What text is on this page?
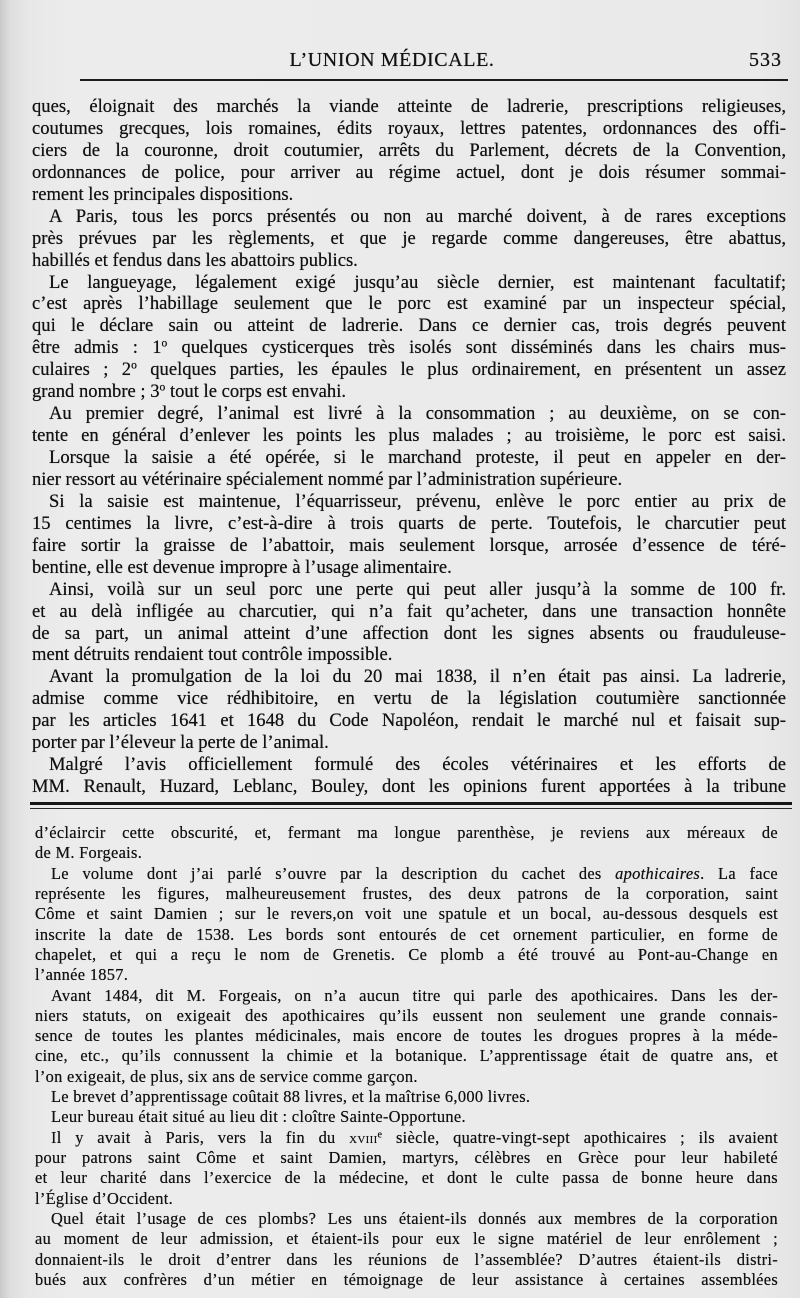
L’UNION MÉDICALE.	533
ques, éloignait des marchés la viande atteinte de ladrerie, prescriptions religieuses,
coutumes grecques, lois romaines, édits royaux, lettres patentes, ordonnances des offi-
ciers de la couronne, droit coutumier, arrêts du Parlement, décrets de la Convention,
ordonnances de police, pour arriver au régime actuel, dont je dois résumer sommai-
rement les principales dispositions.
A Paris, tous les porcs présentés ou non au marché doivent, à de rares exceptions
près prévues par les règlements, et que je regarde comme dangereuses, être abattus,
habillés et fendus dans les abattoirs publics.
Le langueyage, légalement exigé jusqu’au siècle dernier, est maintenant facultatif;
c’est après l’habillage seulement que le porc est examiné par un inspecteur spécial,
qui le déclare sain ou atteint de ladrerie. Dans ce dernier cas, trois degrés peuvent
être admis : 1$^o$ quelques cysticerques très isolés sont disséminés dans les chairs mus-
culaires ; 2$^o$ quelques parties, les épaules le plus ordinairement, en présentent un assez
grand nombre ; 3$^o$ tout le corps est envahi.
Au premier degré, l’animal est livré à la consommation ; au deuxième, on se con-
tente en général d’enlever les points les plus malades ; au troisième, le porc est saisi.
Lorsque la saisie a été opérée, si le marchand proteste, il peut en appeler en der-
nier ressort au vétérinaire spécialement nommé par l’administration supérieure.
Si la saisie est maintenue, l’équarrisseur, prévenu, enlève le porc entier au prix de
15 centimes la livre, c’est-à-dire à trois quarts de perte. Toutefois, le charcutier peut
faire sortir la graisse de l’abattoir, mais seulement lorsque, arrosée d’essence de téré-
bentine, elle est devenue impropre à l’usage alimentaire.
Ainsi, voilà sur un seul porc une perte qui peut aller jusqu’à la somme de 100 fr.
et au delà infligée au charcutier, qui n’a fait qu’acheter, dans une transaction honnête
de sa part, un animal atteint d’une affection dont les signes absents ou frauduleuse-
ment détruits rendaient tout contrôle impossible.
Avant la promulgation de la loi du 20 mai 1838, il n’en était pas ainsi. La ladrerie,
admise comme vice rédhibitoire, en vertu de la législation coutumière sanctionnée
par les articles 1641 et 1648 du Code Napoléon, rendait le marché nul et faisait sup-
porter par l’éleveur la perte de l’animal.
Malgré l’avis officiellement formulé des écoles vétérinaires et les efforts de
MM. Renault, Huzard, Leblanc, Bouley, dont les opinions furent apportées à la tribune
d’éclaircir cette obscurité, et, fermant ma longue parenthèse, je reviens aux méreaux de
de M. Forgeais.
Le volume dont j’ai parlé s’ouvre par la description du cachet des apothicaires. La face
représente les figures, malheureusement frustes, des deux patrons de la corporation, saint
Côme et saint Damien ; sur le revers,on voit une spatule et un bocal, au-dessous desquels est
inscrite la date de 1538. Les bords sont entourés de cet ornement particulier, en forme de
chapelet, et qui a reçu le nom de Grenetis. Ce plomb a été trouvé au Pont-au-Change en
l’année 1857.
Avant 1484, dit M. Forgeais, on n’a aucun titre qui parle des apothicaires. Dans les der-
niers statuts, on exigeait des apothicaires qu’ils eussent non seulement une grande connais-
sence de toutes les plantes médicinales, mais encore de toutes les drogues propres à la méde-
cine, etc., qu’ils connussent la chimie et la botanique. L’apprentissage était de quatre ans, et
l’on exigeait, de plus, six ans de service comme garçon.
Le brevet d’apprentissage coûtait 88 livres, et la maîtrise 6,000 livres.
Leur bureau était situé au lieu dit : cloître Sainte-Opportune.
Il y avait à Paris, vers la fin du xviii$^e$ siècle, quatre-vingt-sept apothicaires ; ils avaient
pour patrons saint Côme et saint Damien, martyrs, célèbres en Grèce pour leur habileté
et leur charité dans l’exercice de la médecine, et dont le culte passa de bonne heure dans
l’Église d’Occident.
Quel était l’usage de ces plombs? Les uns étaient-ils donnés aux membres de la corporation
au moment de leur admission, et étaient-ils pour eux le signe matériel de leur enrôlement ;
donnaient-ils le droit d’entrer dans les réunions de l’assemblée? D’autres étaient-ils distri-
bués aux confrères d’un métier en témoignage de leur assistance à certaines assemblées
